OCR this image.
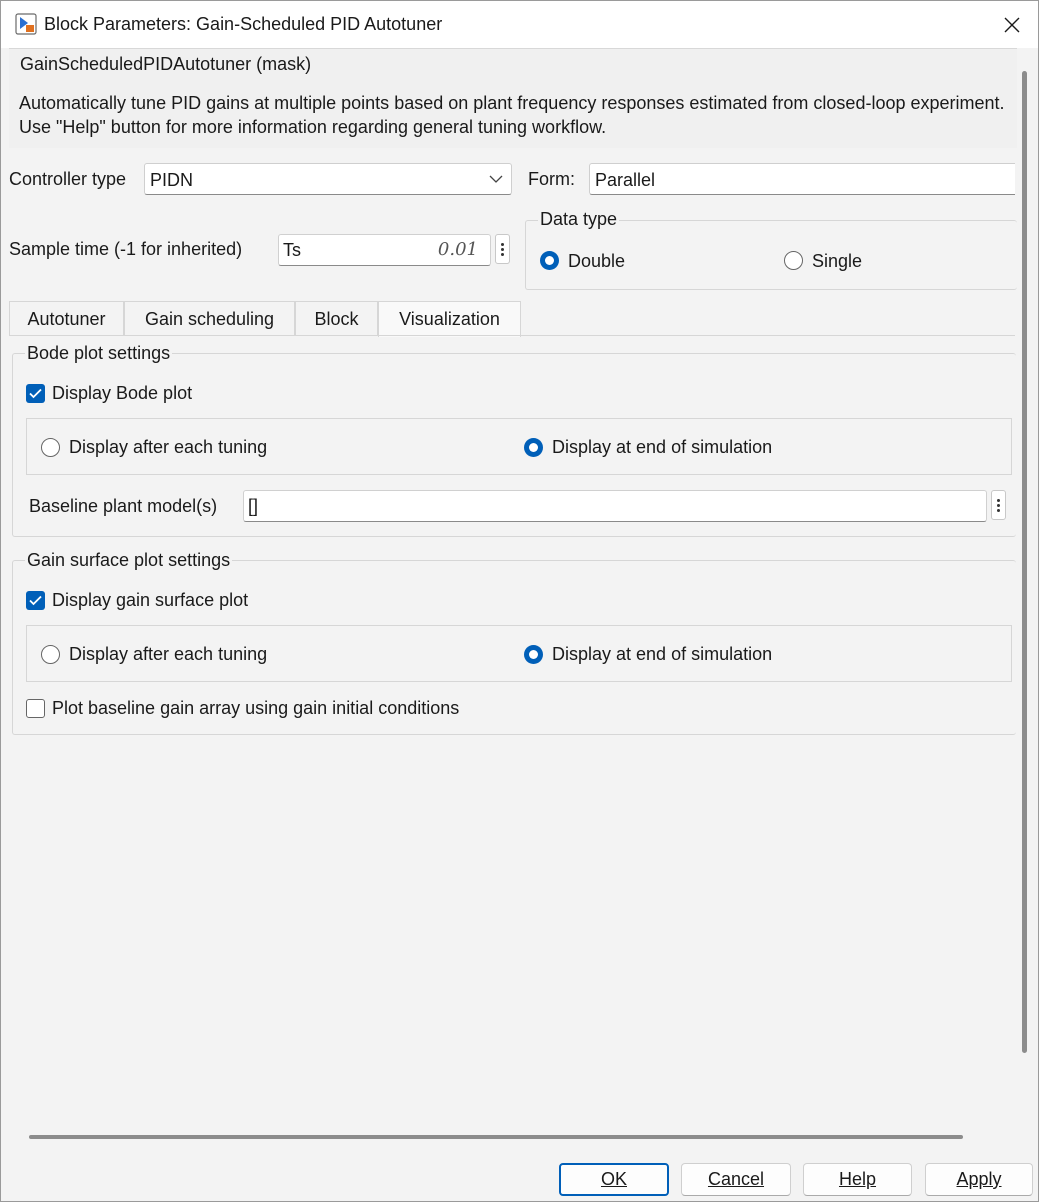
Block Parameters: Gain-Scheduled PID Autotuner
GainScheduledPIDAutotuner (mask)
Automatically tune PID gains at multiple points based on plant frequency responses estimated from closed-loop experiment. Use "Help" button for more information regarding general tuning workflow.
Controller type PIDN	Form: Parallel
Sample time (-1 for inherited) Ts	0.01
Data type
Double	Single
Autotuner	Gain scheduling	Block	Visualization
Bode plot settings
Display Bode plot
Display after each tuning	Display at end of simulation
Baseline plant model(s) []
Gain surface plot settings
Display gain surface plot
Display after each tuning	Display at end of simulation
Plot baseline gain array using gain initial conditions
OK	Cancel	Help	Apply
